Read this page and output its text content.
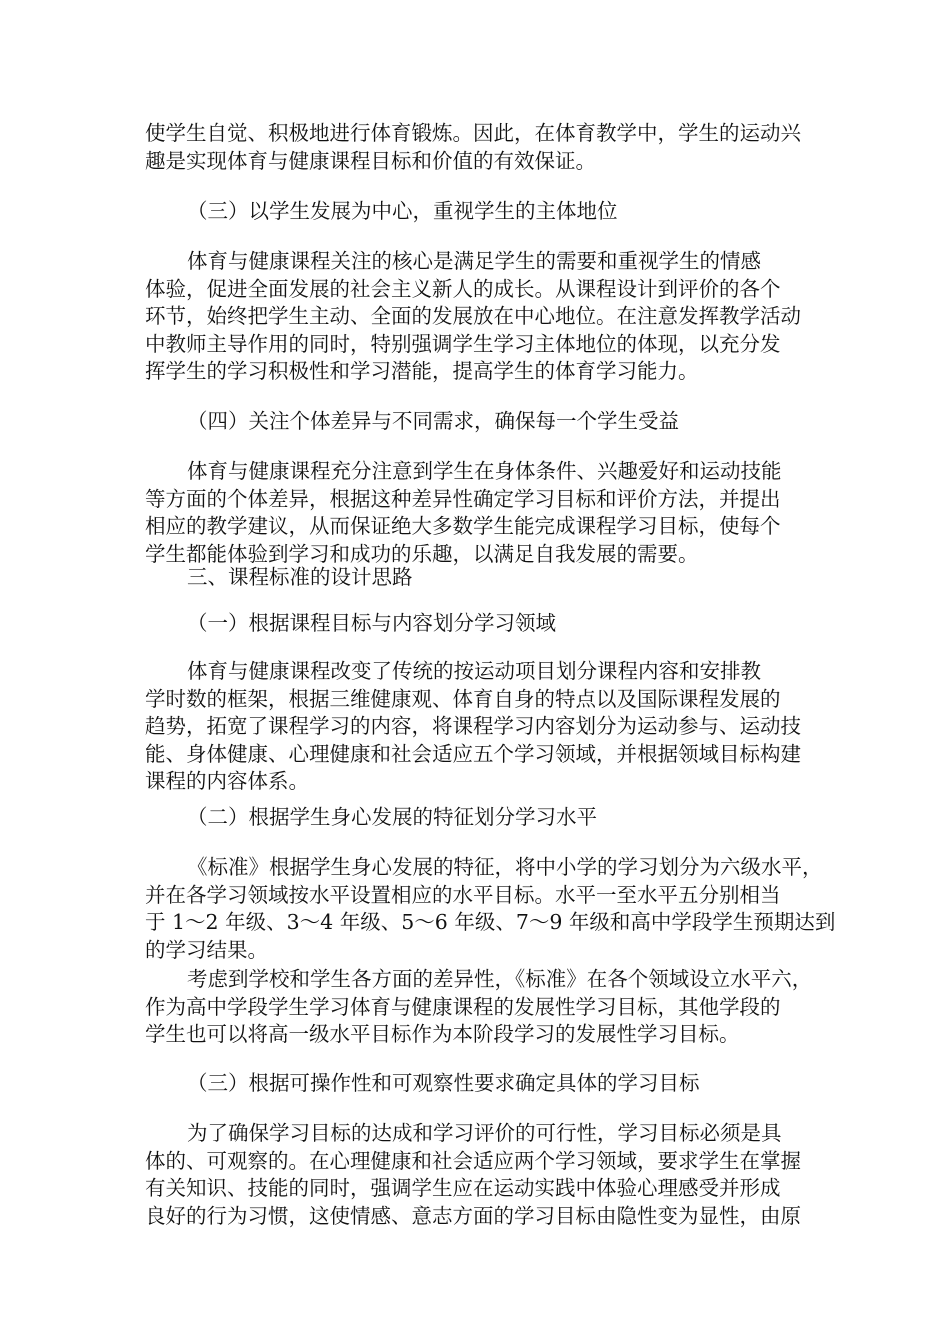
使学生自觉、积极地进行体育锻炼。因此，在体育教学中，学生的运动兴
趣是实现体育与健康课程目标和价值的有效保证。
（三）以学生发展为中心，重视学生的主体地位
体育与健康课程关注的核心是满足学生的需要和重视学生的情感
体验，促进全面发展的社会主义新人的成长。从课程设计到评价的各个
环节，始终把学生主动、全面的发展放在中心地位。在注意发挥教学活动
中教师主导作用的同时，特别强调学生学习主体地位的体现，以充分发
挥学生的学习积极性和学习潜能，提高学生的体育学习能力。
（四）关注个体差异与不同需求，确保每一个学生受益
体育与健康课程充分注意到学生在身体条件、兴趣爱好和运动技能
等方面的个体差异，根据这种差异性确定学习目标和评价方法，并提出
相应的教学建议，从而保证绝大多数学生能完成课程学习目标，使每个
学生都能体验到学习和成功的乐趣，以满足自我发展的需要。
三、课程标准的设计思路
（一）根据课程目标与内容划分学习领域
体育与健康课程改变了传统的按运动项目划分课程内容和安排教
学时数的框架，根据三维健康观、体育自身的特点以及国际课程发展的
趋势，拓宽了课程学习的内容，将课程学习内容划分为运动参与、运动技
能、身体健康、心理健康和社会适应五个学习领域，并根据领域目标构建
课程的内容体系。
（二）根据学生身心发展的特征划分学习水平
《标准》根据学生身心发展的特征，将中小学的学习划分为六级水平，
并在各学习领域按水平设置相应的水平目标。水平一至水平五分别相当
于 1～2 年级、3～4 年级、5～6 年级、7～9 年级和高中学段学生预期达到
的学习结果。
考虑到学校和学生各方面的差异性，《标准》在各个领域设立水平六，
作为高中学段学生学习体育与健康课程的发展性学习目标，其他学段的
学生也可以将高一级水平目标作为本阶段学习的发展性学习目标。
（三）根据可操作性和可观察性要求确定具体的学习目标
为了确保学习目标的达成和学习评价的可行性，学习目标必须是具
体的、可观察的。在心理健康和社会适应两个学习领域，要求学生在掌握
有关知识、技能的同时，强调学生应在运动实践中体验心理感受并形成
良好的行为习惯，这使情感、意志方面的学习目标由隐性变为显性，由原
